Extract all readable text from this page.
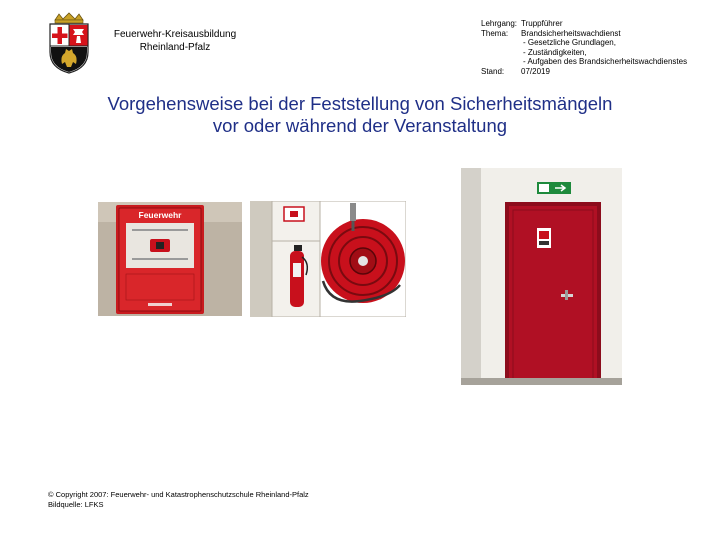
Feuerwehr-Kreisausbildung
Rheinland-Pfalz
Lehrgang: Truppführer
Thema: Brandsicherheitswachdienst
- Gesetzliche Grundlagen,
- Zuständigkeiten,
- Aufgaben des Brandsicherheitswachdienstes
Stand: 07/2019
Vorgehensweise bei der Feststellung von Sicherheitsmängeln
vor oder während der Veranstaltung
Feuerwehr
© Copyright 2007: Feuerwehr- und Katastrophenschutzschule Rheinland-Pfalz
Bildquelle: LFKS
